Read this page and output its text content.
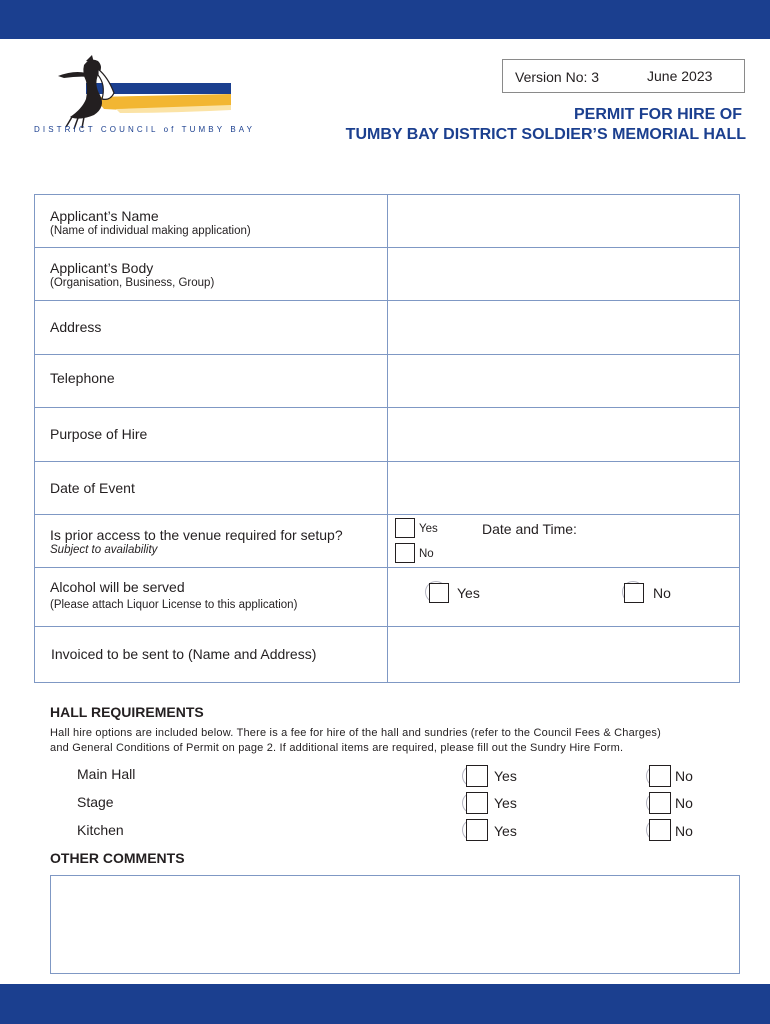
DISTRICT COUNCIL of TUMBY BAY
Version No: 3	June 2023
PERMIT FOR HIRE OF
TUMBY BAY DISTRICT SOLDIER’S MEMORIAL HALL
Applicant’s Name
(Name of individual making application)
Applicant’s Body
(Organisation, Business, Group)
Address
Telephone
Purpose of Hire
Date of Event
Is prior access to the venue required for setup?
Subject to availability
Yes
No
Date and Time:
Alcohol will be served
(Please attach Liquor License to this application)
Yes	No
Invoiced to be sent to (Name and Address)
HALL REQUIREMENTS
Hall hire options are included below. There is a fee for hire of the hall and sundries (refer to the Council Fees & Charges)
and General Conditions of Permit on page 2. If additional items are required, please fill out the Sundry Hire Form.
Main Hall	Yes	No
Stage	Yes	No
Kitchen	Yes	No
OTHER COMMENTS
